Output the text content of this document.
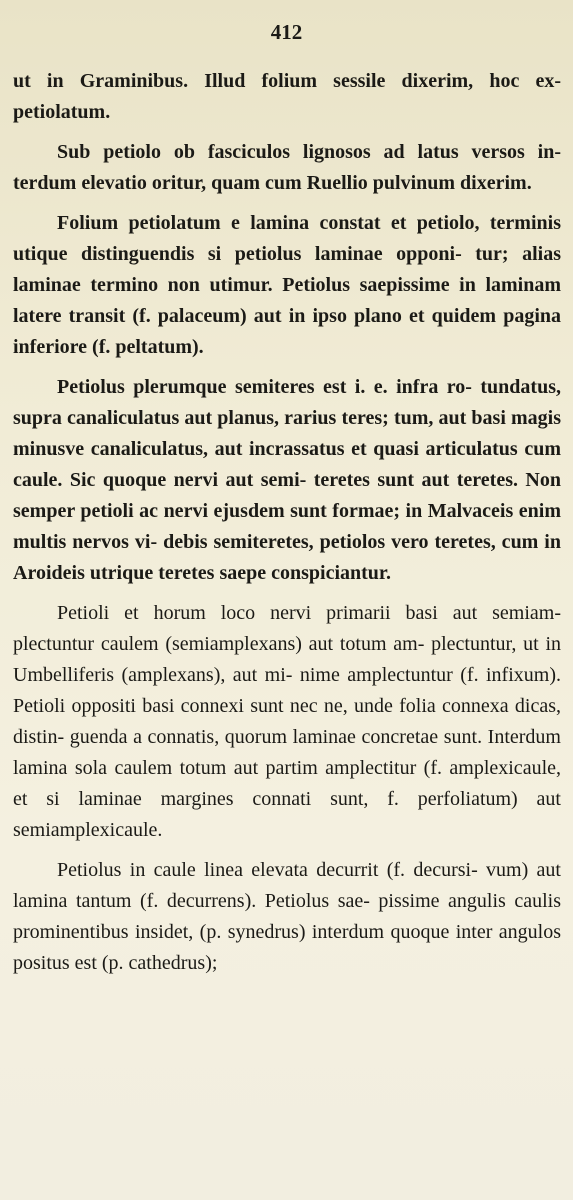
412

ut in Graminibus. Illud folium sessile dixerim, hoc ex- petiolatum.

Sub petiolo ob fasciculos lignosos ad latus versos in- terdum elevatio oritur, quam cum Ruellio pulvinum dixerim.

Folium petiolatum e lamina constat et petiolo, terminis utique distinguendis si petiolus laminae opponi- tur; alias laminae termino non utimur. Petiolus saepissime in laminam latere transit (f. palaceum) aut in ipso plano et quidem pagina inferiore (f. peltatum).

Petiolus plerumque semiteres est i. e. infra ro- tundatus, supra canaliculatus aut planus, rarius teres; tum, aut basi magis minusve canaliculatus, aut incrassatus et quasi articulatus cum caule. Sic quoque nervi aut semi- teretes sunt aut teretes. Non semper petioli ac nervi ejusdem sunt formae; in Malvaceis enim multis nervos vi- debis semiteretes, petiolos vero teretes, cum in Aroideis utrique teretes saepe conspiciantur.

Petioli et horum loco nervi primarii basi aut semiam- plectuntur caulem (semiamplexans) aut totum am- plectuntur, ut in Umbelliferis (amplexans), aut mi- nime amplectuntur (f. infixum). Petioli oppositi basi connexi sunt nec ne, unde folia connexa dicas, distin- guenda a connatis, quorum laminae concretae sunt. Interdum lamina sola caulem totum aut partim amplectitur (f. amplexicaule, et si laminae margines connati sunt, f. perfoliatum) aut semiamplexicaule.

Petiolus in caule linea elevata decurrit (f. decursi- vum) aut lamina tantum (f. decurrens). Petiolus sae- pissime angulis caulis prominentibus insidet, (p. synedrus) interdum quoque inter angulos positus est (p. cathedrus);
